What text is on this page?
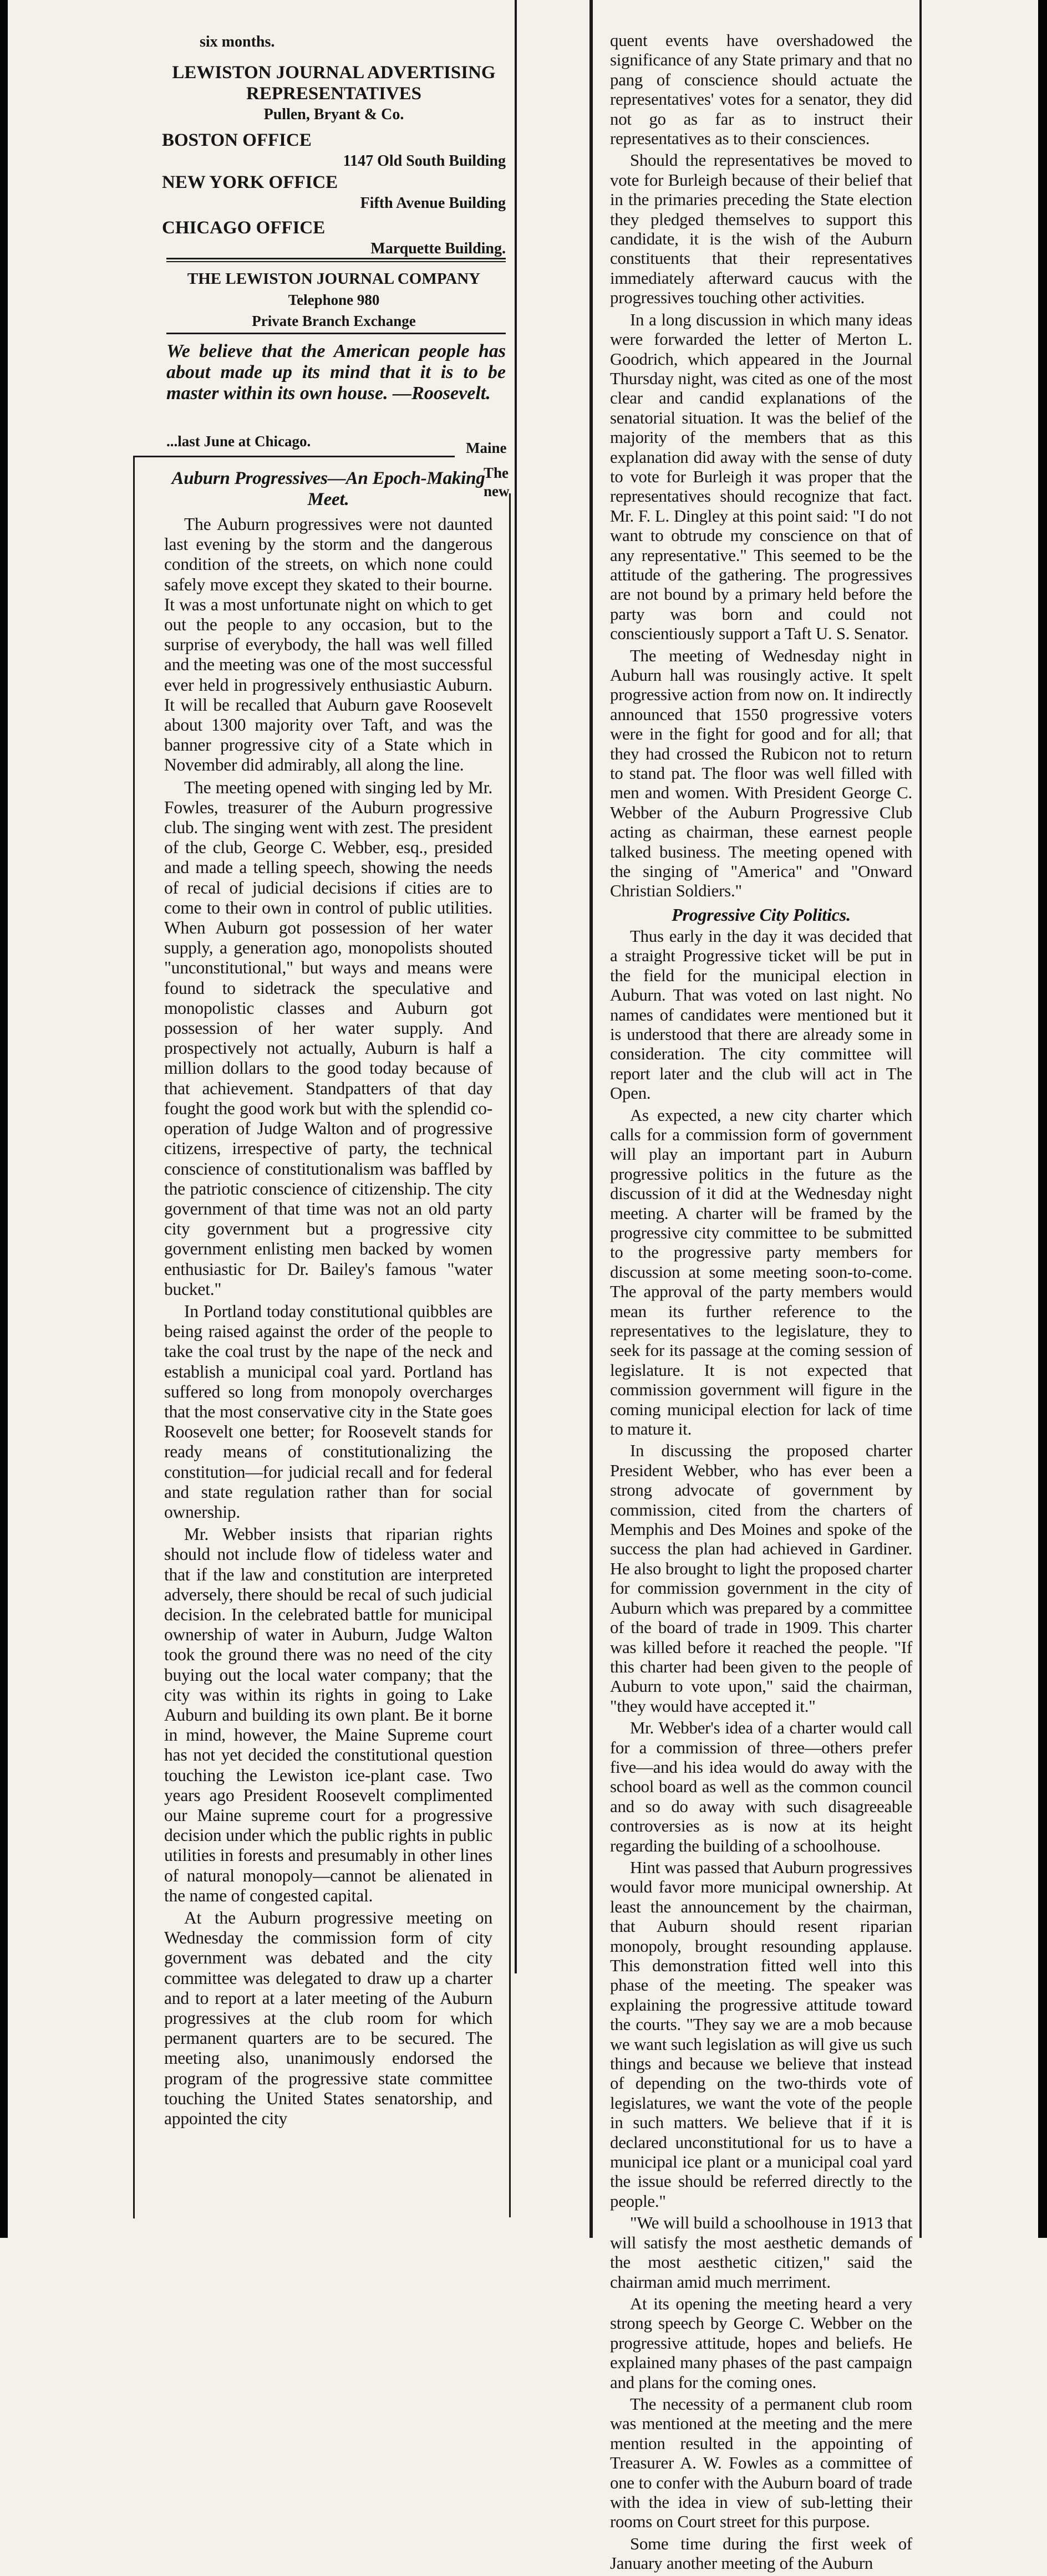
six months.
LEWISTON JOURNAL ADVERTISING REPRESENTATIVES
Pullen, Bryant & Co.
BOSTON OFFICE
1147 Old South Building
NEW YORK OFFICE
Fifth Avenue Building
CHICAGO OFFICE
Marquette Building.
THE LEWISTON JOURNAL COMPANY
Telephone 980
Private Branch Exchange
We believe that the American people has about made up its mind that it is to be master within its own house. —Roosevelt.
...last June at Chicago.	Maine
The
new
Auburn Progressives—An Epoch-Making Meet.

The Auburn progressives were not daunted last evening by the storm and the dangerous condition of the streets, on which none could safely move except they skated to their bourne. It was a most unfortunate night on which to get out the people to any occasion, but to the surprise of everybody, the hall was well filled and the meeting was one of the most successful ever held in progressively enthusiastic Auburn. It will be recalled that Auburn gave Roosevelt about 1300 majority over Taft, and was the banner progressive city of a State which in November did admirably, all along the line.

The meeting opened with singing led by Mr. Fowles, treasurer of the Auburn progressive club. The singing went with zest. The president of the club, George C. Webber, esq., presided and made a telling speech, showing the needs of recal of judicial decisions if cities are to come to their own in control of public utilities. When Auburn got possession of her water supply, a generation ago, monopolists shouted "unconstitutional," but ways and means were found to sidetrack the speculative and monopolistic classes and Auburn got possession of her water supply. And prospectively not actually, Auburn is half a million dollars to the good today because of that achievement. Standpatters of that day fought the good work but with the splendid co-operation of Judge Walton and of progressive citizens, irrespective of party, the technical conscience of constitutionalism was baffled by the patriotic conscience of citizenship. The city government of that time was not an old party city government but a progressive city government enlisting men backed by women enthusiastic for Dr. Bailey's famous "water bucket."

In Portland today constitutional quibbles are being raised against the order of the people to take the coal trust by the nape of the neck and establish a municipal coal yard. Portland has suffered so long from monopoly overcharges that the most conservative city in the State goes Roosevelt one better; for Roosevelt stands for ready means of constitutionalizing the constitution—for judicial recall and for federal and state regulation rather than for social ownership.

Mr. Webber insists that riparian rights should not include flow of tideless water and that if the law and constitution are interpreted adversely, there should be recal of such judicial decision. In the celebrated battle for municipal ownership of water in Auburn, Judge Walton took the ground there was no need of the city buying out the local water company; that the city was within its rights in going to Lake Auburn and building its own plant. Be it borne in mind, however, the Maine Supreme court has not yet decided the constitutional question touching the Lewiston ice-plant case. Two years ago President Roosevelt complimented our Maine supreme court for a progressive decision under which the public rights in public utilities in forests and presumably in other lines of natural monopoly—cannot be alienated in the name of congested capital.

At the Auburn progressive meeting on Wednesday the commission form of city government was debated and the city committee was delegated to draw up a charter and to report at a later meeting of the Auburn progressives at the club room for which permanent quarters are to be secured. The meeting also, unanimously endorsed the program of the progressive state committee touching the United States senatorship, and appointed the city

quent events have overshadowed the significance of any State primary and that no pang of conscience should actuate the representatives' votes for a senator, they did not go as far as to instruct their representatives as to their consciences.

Should the representatives be moved to vote for Burleigh because of their belief that in the primaries preceding the State election they pledged themselves to support this candidate, it is the wish of the Auburn constituents that their representatives immediately afterward caucus with the progressives touching other activities.

In a long discussion in which many ideas were forwarded the letter of Merton L. Goodrich, which appeared in the Journal Thursday night, was cited as one of the most clear and candid explanations of the senatorial situation. It was the belief of the majority of the members that as this explanation did away with the sense of duty to vote for Burleigh it was proper that the representatives should recognize that fact. Mr. F. L. Dingley at this point said: "I do not want to obtrude my conscience on that of any representative." This seemed to be the attitude of the gathering. The progressives are not bound by a primary held before the party was born and could not conscientiously support a Taft U. S. Senator.

The meeting of Wednesday night in Auburn hall was rousingly active. It spelt progressive action from now on. It indirectly announced that 1550 progressive voters were in the fight for good and for all; that they had crossed the Rubicon not to return to stand pat. The floor was well filled with men and women. With President George C. Webber of the Auburn Progressive Club acting as chairman, these earnest people talked business. The meeting opened with the singing of "America" and "Onward Christian Soldiers."

Progressive City Politics.

Thus early in the day it was decided that a straight Progressive ticket will be put in the field for the municipal election in Auburn. That was voted on last night. No names of candidates were mentioned but it is understood that there are already some in consideration. The city committee will report later and the club will act in The Open.

As expected, a new city charter which calls for a commission form of government will play an important part in Auburn progressive politics in the future as the discussion of it did at the Wednesday night meeting. A charter will be framed by the progressive city committee to be submitted to the progressive party members for discussion at some meeting soon-to-come. The approval of the party members would mean its further reference to the representatives to the legislature, they to seek for its passage at the coming session of legislature. It is not expected that commission government will figure in the coming municipal election for lack of time to mature it.

In discussing the proposed charter President Webber, who has ever been a strong advocate of government by commission, cited from the charters of Memphis and Des Moines and spoke of the success the plan had achieved in Gardiner. He also brought to light the proposed charter for commission government in the city of Auburn which was prepared by a committee of the board of trade in 1909. This charter was killed before it reached the people. "If this charter had been given to the people of Auburn to vote upon," said the chairman, "they would have accepted it."

Mr. Webber's idea of a charter would call for a commission of three—others prefer five—and his idea would do away with the school board as well as the common council and so do away with such disagreeable controversies as is now at its height regarding the building of a schoolhouse.

Hint was passed that Auburn progressives would favor more municipal ownership. At least the announcement by the chairman, that Auburn should resent riparian monopoly, brought resounding applause. This demonstration fitted well into this phase of the meeting. The speaker was explaining the progressive attitude toward the courts. "They say we are a mob because we want such legislation as will give us such things and because we believe that instead of depending on the two-thirds vote of legislatures, we want the vote of the people in such matters. We believe that if it is declared unconstitutional for us to have a municipal ice plant or a municipal coal yard the issue should be referred directly to the people."

"We will build a schoolhouse in 1913 that will satisfy the most aesthetic demands of the most aesthetic citizen," said the chairman amid much merriment.

At its opening the meeting heard a very strong speech by George C. Webber on the progressive attitude, hopes and beliefs. He explained many phases of the past campaign and plans for the coming ones.

The necessity of a permanent club room was mentioned at the meeting and the mere mention resulted in the appointing of Treasurer A. W. Fowles as a committee of one to confer with the Auburn board of trade with the idea in view of sub-letting their rooms on Court street for this purpose.

Some time during the first week of January another meeting of the Auburn
